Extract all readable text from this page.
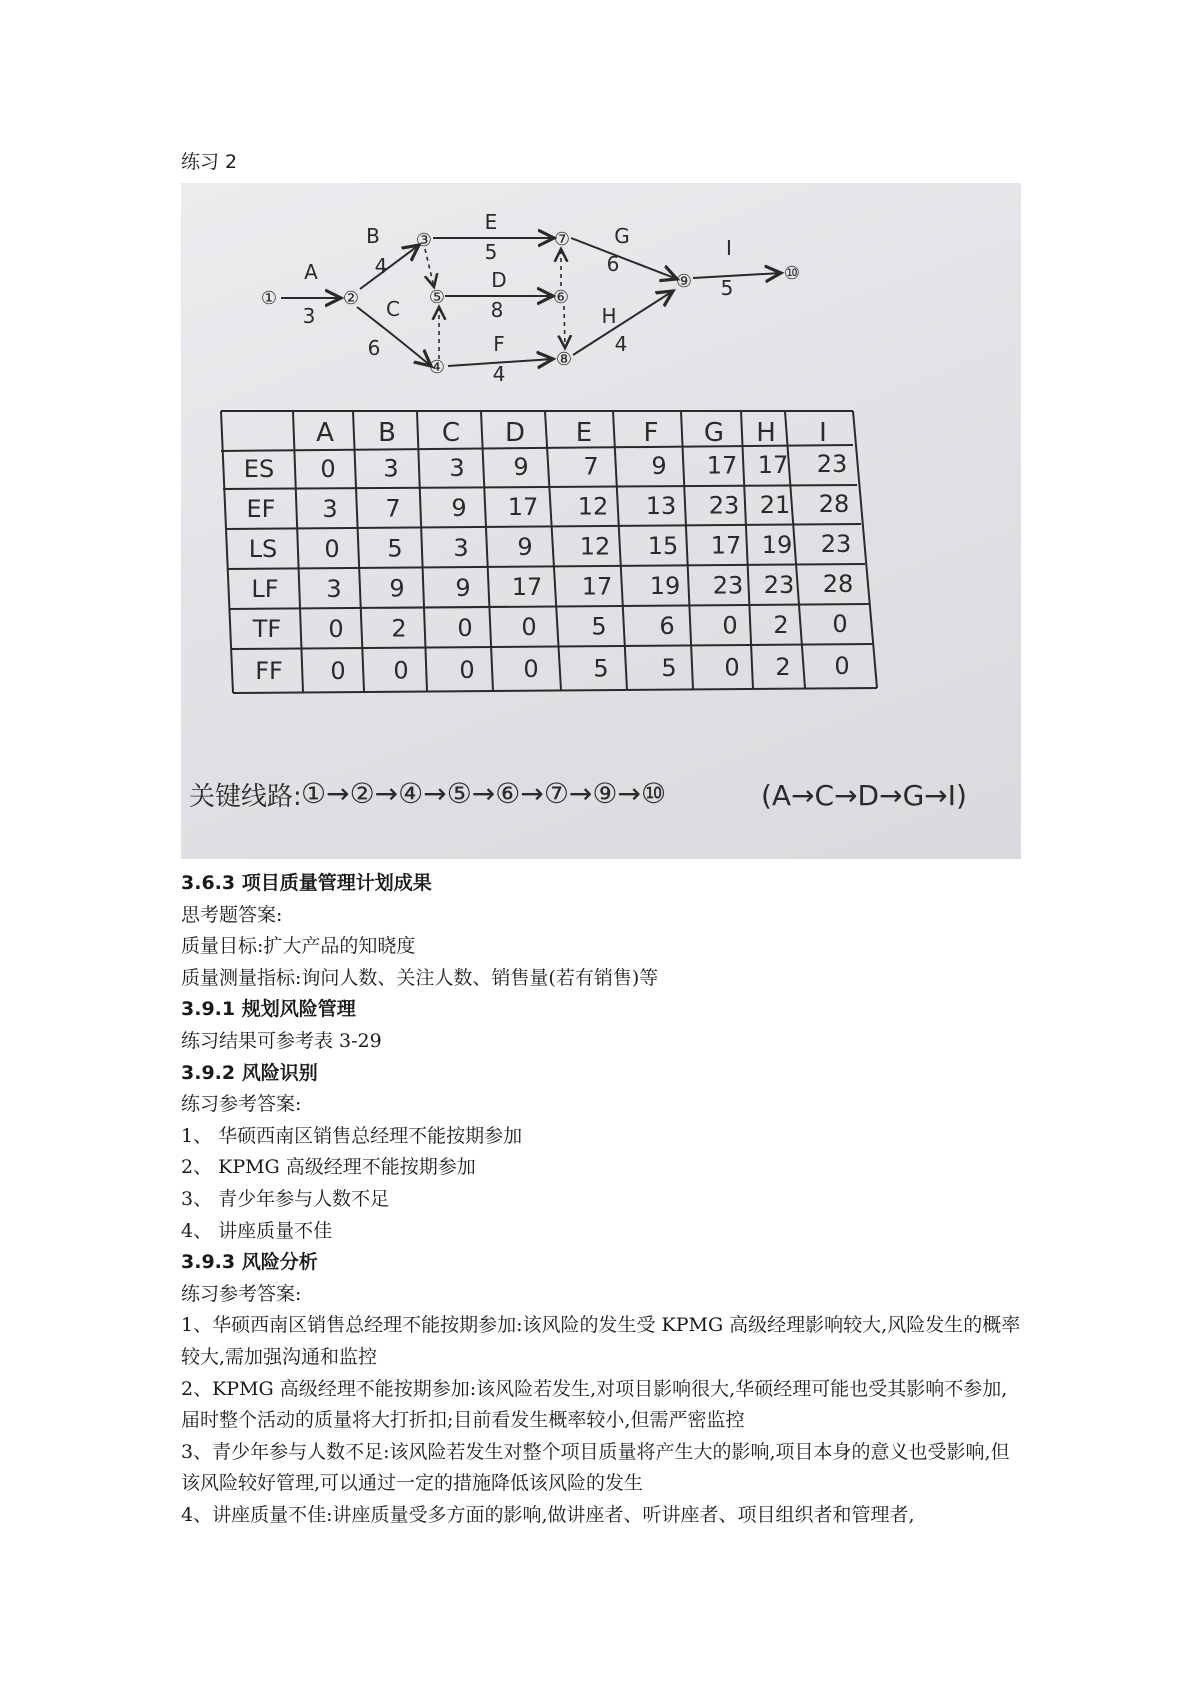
练习 2
①	②
③
④
⑤	⑥
⑦
⑧
⑨	⑩
A
3
B
4
C
6
D
8
E
5
F
4
G
6
H
4
I
5
A B C D E F G H I
ES 0 3 3 9 7 9 17 17 23
EF 3 7 9 17 12 13 23 21 28
LS 0 5 3 9 12 15 17 19 23
LF 3 9 9 17 17 19 23 23 28
TF 0 2 0 0 5 6 0 2 0
FF 0 0 0 0 5 5 0 2 0
关键线路: ①→②→④→⑤→⑥→⑦→⑨→⑩	(A→C→D→G→I)
3.6.3 项目质量管理计划成果
思考题答案:
质量目标:扩大产品的知晓度
质量测量指标:询问人数、关注人数、销售量(若有销售)等
3.9.1 规划风险管理
练习结果可参考表 3-29
3.9.2 风险识别
练习参考答案:
1、 华硕西南区销售总经理不能按期参加
2、 KPMG 高级经理不能按期参加
3、 青少年参与人数不足
4、 讲座质量不佳
3.9.3 风险分析
练习参考答案:
1、华硕西南区销售总经理不能按期参加:该风险的发生受 KPMG 高级经理影响较大,风险发生的概率较大,需加强沟通和监控
2、KPMG 高级经理不能按期参加:该风险若发生,对项目影响很大,华硕经理可能也受其影响不参加,届时整个活动的质量将大打折扣;目前看发生概率较小,但需严密监控
3、青少年参与人数不足:该风险若发生对整个项目质量将产生大的影响,项目本身的意义也受影响,但该风险较好管理,可以通过一定的措施降低该风险的发生
4、讲座质量不佳:讲座质量受多方面的影响,做讲座者、听讲座者、项目组织者和管理者,
